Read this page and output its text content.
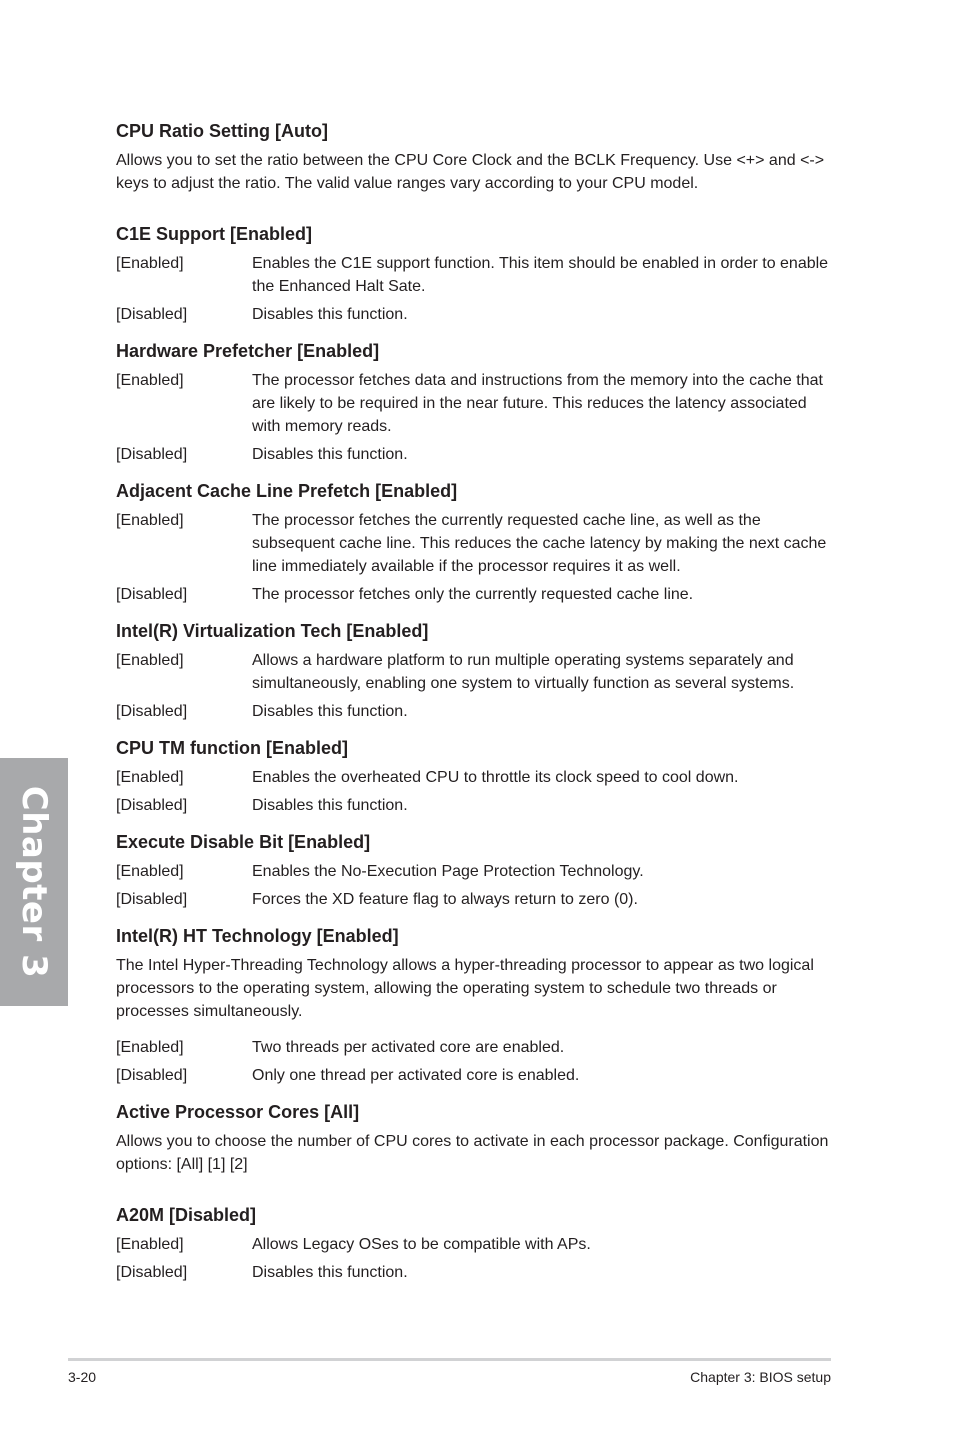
CPU Ratio Setting [Auto]

Allows you to set the ratio between the CPU Core Clock and the BCLK Frequency. Use <+> and <-> keys to adjust the ratio. The valid value ranges vary according to your CPU model.

C1E Support [Enabled]
[Enabled]	Enables the C1E support function. This item should be enabled in order to enable the Enhanced Halt Sate.
[Disabled]	Disables this function.
Hardware Prefetcher [Enabled]
[Enabled]	The processor fetches data and instructions from the memory into the cache that are likely to be required in the near future. This reduces the latency associated with memory reads.
[Disabled]	Disables this function.
Adjacent Cache Line Prefetch [Enabled]
[Enabled]	The processor fetches the currently requested cache line, as well as the subsequent cache line. This reduces the cache latency by making the next cache line immediately available if the processor requires it as well.
[Disabled]	The processor fetches only the currently requested cache line.
Intel(R) Virtualization Tech [Enabled]
[Enabled]	Allows a hardware platform to run multiple operating systems separately and simultaneously, enabling one system to virtually function as several systems.
[Disabled]	Disables this function.
CPU TM function [Enabled]
[Enabled]	Enables the overheated CPU to throttle its clock speed to cool down.
[Disabled]	Disables this function.
Execute Disable Bit [Enabled]
[Enabled]	Enables the No-Execution Page Protection Technology.
[Disabled]	Forces the XD feature flag to always return to zero (0).
Intel(R) HT Technology [Enabled]

The Intel Hyper-Threading Technology allows a hyper-threading processor to appear as two logical processors to the operating system, allowing the operating system to schedule two threads or processes simultaneously.

[Enabled]	Two threads per activated core are enabled.
[Disabled]	Only one thread per activated core is enabled.
Active Processor Cores [All]

Allows you to choose the number of CPU cores to activate in each processor package. Configuration options: [All] [1] [2]

A20M [Disabled]
[Enabled]	Allows Legacy OSes to be compatible with APs.
[Disabled]	Disables this function.
Chapter 3
3-20	Chapter 3: BIOS setup
